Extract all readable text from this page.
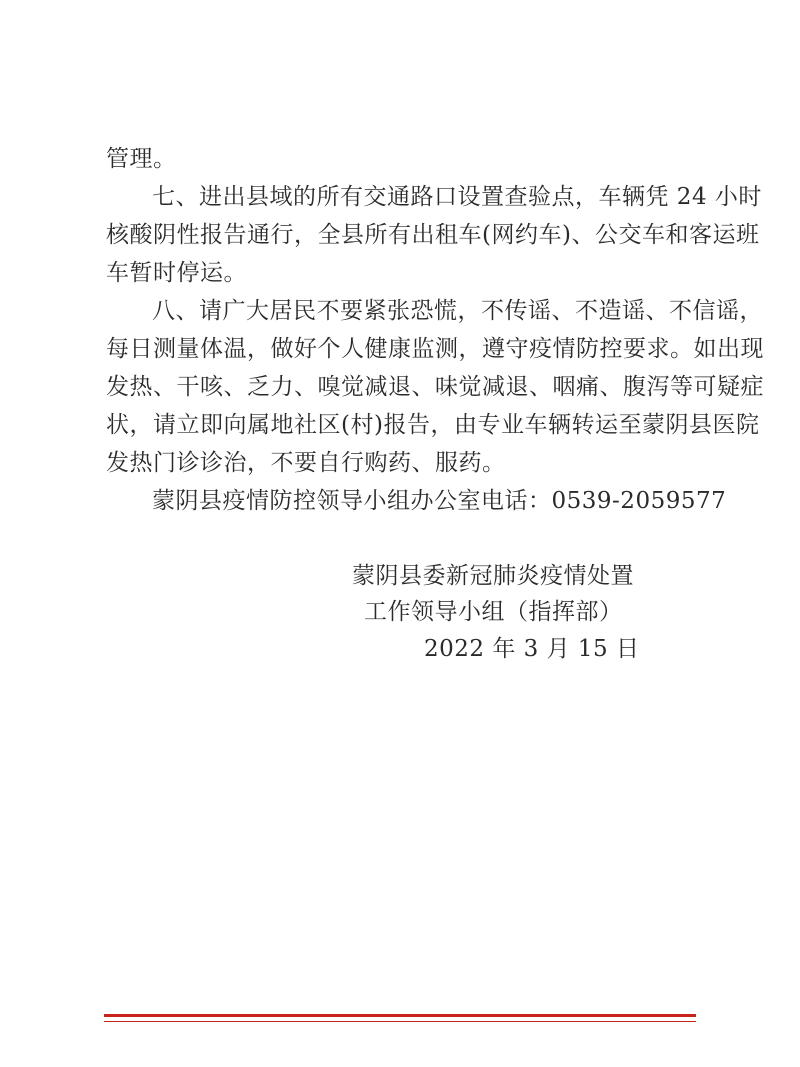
管理。

七、进出县域的所有交通路口设置查验点，车辆凭 24 小时
核酸阴性报告通行，全县所有出租车(网约车)、公交车和客运班
车暂时停运。

八、请广大居民不要紧张恐慌，不传谣、不造谣、不信谣，
每日测量体温，做好个人健康监测，遵守疫情防控要求。如出现
发热、干咳、乏力、嗅觉减退、味觉减退、咽痛、腹泻等可疑症
状，请立即向属地社区(村)报告，由专业车辆转运至蒙阴县医院
发热门诊诊治，不要自行购药、服药。

蒙阴县疫情防控领导小组办公室电话：0539-2059577

蒙阴县委新冠肺炎疫情处置
工作领导小组（指挥部）
2022 年 3 月 15 日
